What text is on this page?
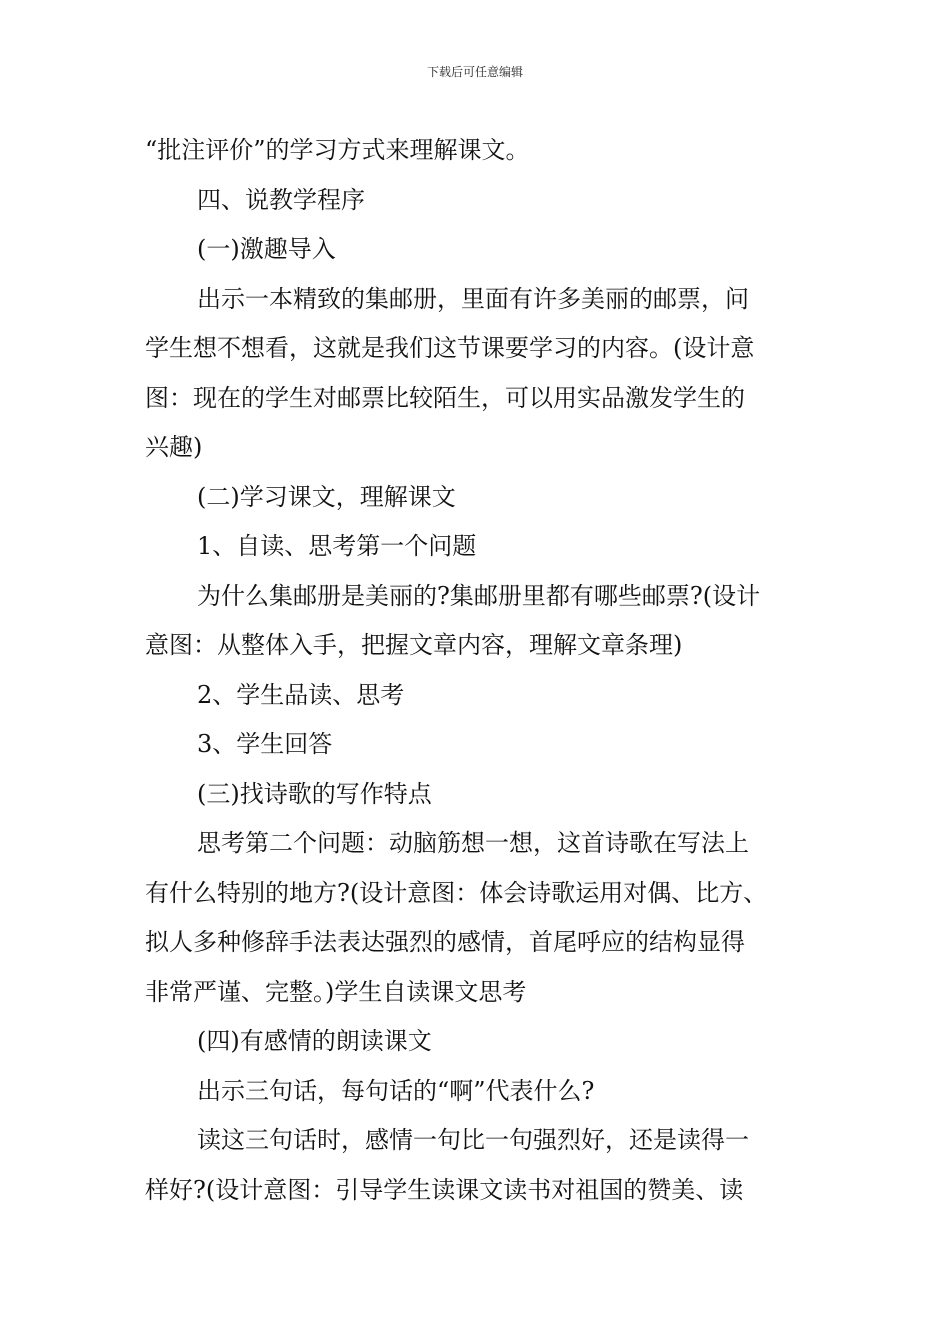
下载后可任意编辑

“批注评价”的学习方式来理解课文。

四、说教学程序

(一)激趣导入

出示一本精致的集邮册，里面有许多美丽的邮票，问
学生想不想看，这就是我们这节课要学习的内容。(设计意
图：现在的学生对邮票比较陌生，可以用实品激发学生的
兴趣)

(二)学习课文，理解课文

1、自读、思考第一个问题

为什么集邮册是美丽的?集邮册里都有哪些邮票?(设计
意图：从整体入手，把握文章内容，理解文章条理)

2、学生品读、思考

3、学生回答

(三)找诗歌的写作特点

思考第二个问题：动脑筋想一想，这首诗歌在写法上
有什么特别的地方?(设计意图：体会诗歌运用对偶、比方、
拟人多种修辞手法表达强烈的感情，首尾呼应的结构显得
非常严谨、完整。)学生自读课文思考

(四)有感情的朗读课文

出示三句话，每句话的“啊”代表什么?

读这三句话时，感情一句比一句强烈好，还是读得一
样好?(设计意图：引导学生读课文读书对祖国的赞美、读
